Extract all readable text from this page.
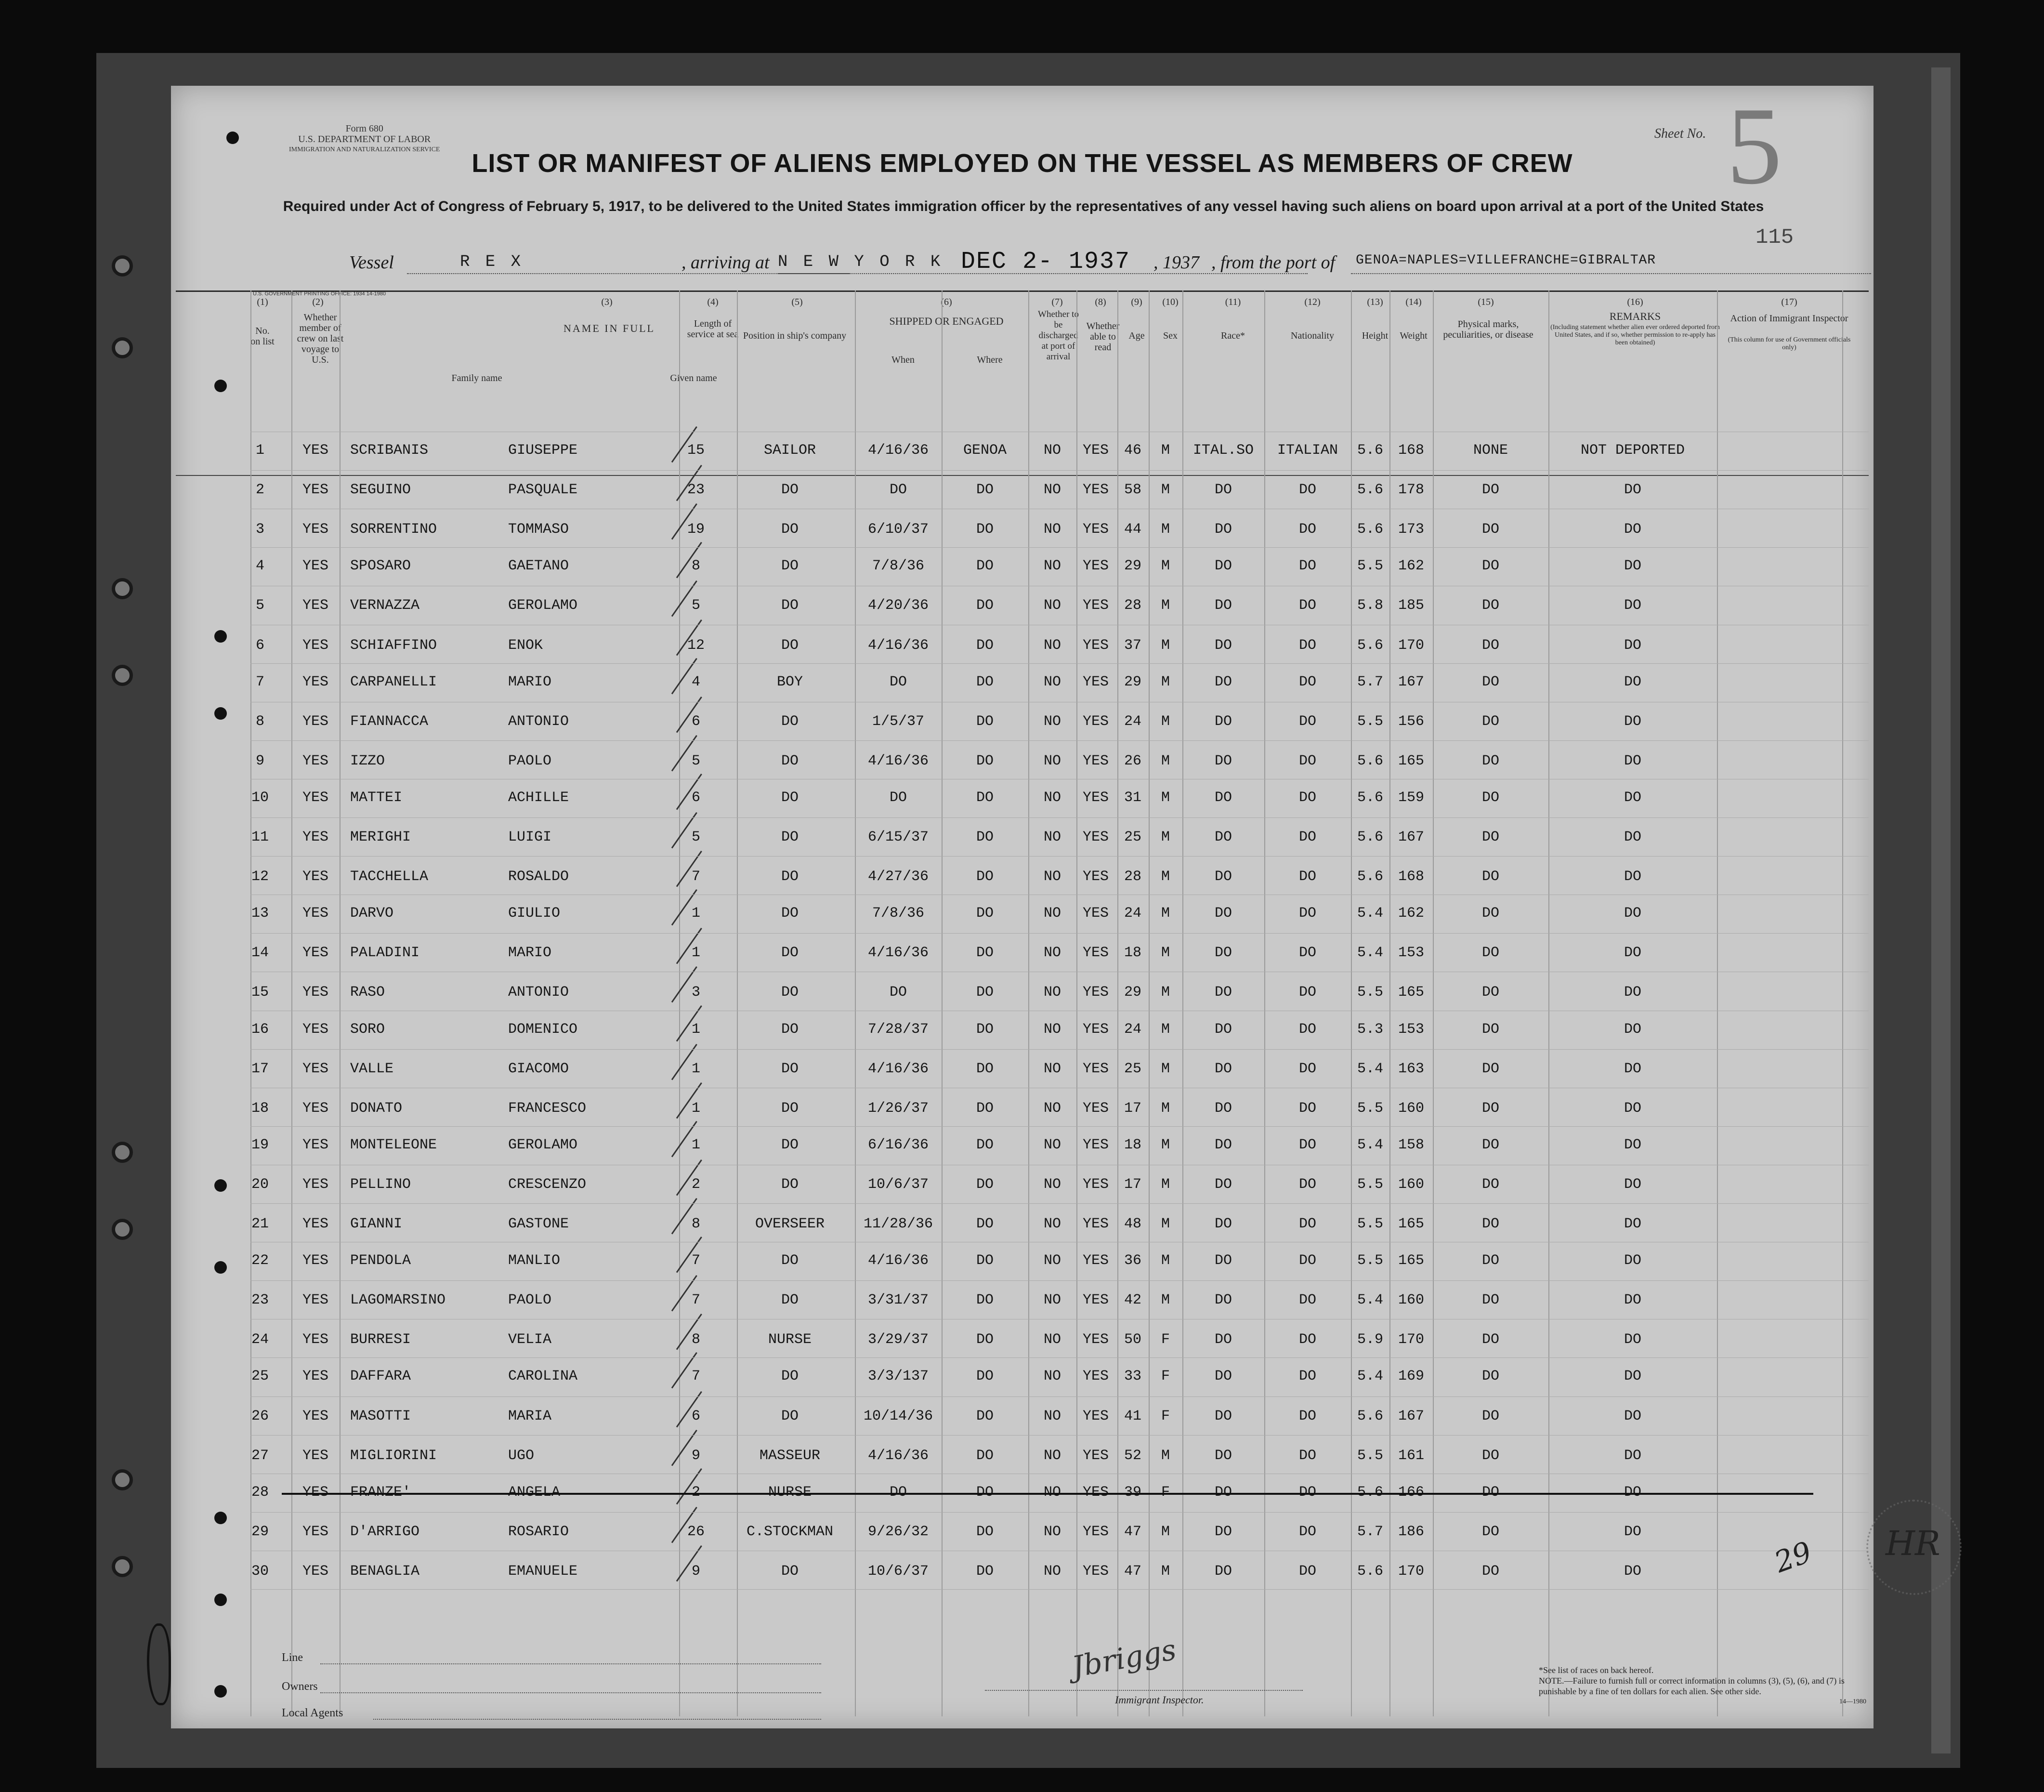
Form 680
U.S. DEPARTMENT OF LABOR
IMMIGRATION AND NATURALIZATION SERVICE
Sheet No. 5
115
LIST OR MANIFEST OF ALIENS EMPLOYED ON THE VESSEL AS MEMBERS OF CREW
Required under Act of Congress of February 5, 1917, to be delivered to the United States immigration officer by the representatives of any vessel having such aliens on board upon arrival at a port of the United States
Vessel	R E X	, arriving at N E W Y O R K DEC 2- 1937 , 1937 , from the port of GENOA=NAPLES=VILLEFRANCHE=GIBRALTAR
U.S. GOVERNMENT PRINTING OFFICE: 1934 14-1980
(1)
No. on list
(2)
Whether member of crew on last voyage to U.S.
(3)
NAME IN FULL
Family name	Given name
(4)
Length of service at sea
(5)
Position in ship's company
(6)
SHIPPED OR ENGAGED
When	Where
(7)
Whether to be discharged at port of arrival
(8)
Whether able to read
(9)
Age
(10)
Sex
(11)
Race*
(12)
Nationality
(13)
Height
(14)
Weight
(15)
Physical marks, peculiarities, or disease
(16)
REMARKS
(Including statement whether alien ever ordered deported from United States, and if so, whether permission to re-apply has been obtained)
(17)
Action of Immigrant Inspector
(This column for use of Government officials only)
1	YES SCRIBANIS	GIUSEPPE	15	SAILOR	4/16/36 GENOA	NO YES 46 M ITAL.SO ITALIAN 5.6 168	NONE	NOT DEPORTED
2	YES SEGUINO	PASQUALE	23	DO	DO	DO	NO YES 58 M	DO	DO	5.6 178	DO	DO
3	YES SORRENTINO	TOMMASO	19	DO	6/10/37	DO	NO YES 44 M	DO	DO	5.6 173	DO	DO
4	YES SPOSARO	GAETANO	8	DO	7/8/36	DO	NO YES 29 M	DO	DO	5.5 162	DO	DO
5	YES VERNAZZA	GEROLAMO	5	DO	4/20/36	DO	NO YES 28 M	DO	DO	5.8 185	DO	DO
6	YES SCHIAFFINO	ENOK	12	DO	4/16/36	DO	NO YES 37 M	DO	DO	5.6 170	DO	DO
7	YES CARPANELLI	MARIO	4	BOY	DO	DO	NO YES 29 M	DO	DO	5.7 167	DO	DO
8	YES FIANNACCA	ANTONIO	6	DO	1/5/37	DO	NO YES 24 M	DO	DO	5.5 156	DO	DO
9	YES IZZO	PAOLO	5	DO	4/16/36	DO	NO YES 26 M	DO	DO	5.6 165	DO	DO
10 YES MATTEI	ACHILLE	6	DO	DO	DO	NO YES 31 M	DO	DO	5.6 159	DO	DO
11 YES MERIGHI	LUIGI	5	DO	6/15/37	DO	NO YES 25 M	DO	DO	5.6 167	DO	DO
12 YES TACCHELLA	ROSALDO	7	DO	4/27/36	DO	NO YES 28 M	DO	DO	5.6 168	DO	DO
13 YES DARVO	GIULIO	1	DO	7/8/36	DO	NO YES 24 M	DO	DO	5.4 162	DO	DO
14 YES PALADINI	MARIO	1	DO	4/16/36	DO	NO YES 18 M	DO	DO	5.4 153	DO	DO
15 YES RASO	ANTONIO	3	DO	DO	DO	NO YES 29 M	DO	DO	5.5 165	DO	DO
16 YES SORO	DOMENICO	1	DO	7/28/37	DO	NO YES 24 M	DO	DO	5.3 153	DO	DO
17 YES VALLE	GIACOMO	1	DO	4/16/36	DO	NO YES 25 M	DO	DO	5.4 163	DO	DO
18 YES DONATO	FRANCESCO	1	DO	1/26/37	DO	NO YES 17 M	DO	DO	5.5 160	DO	DO
19 YES MONTELEONE	GEROLAMO	1	DO	6/16/36	DO	NO YES 18 M	DO	DO	5.4 158	DO	DO
20 YES PELLINO	CRESCENZO	2	DO	10/6/37	DO	NO YES 17 M	DO	DO	5.5 160	DO	DO
21 YES GIANNI	GASTONE	8	OVERSEER	11/28/36	DO	NO YES 48 M	DO	DO	5.5 165	DO	DO
22 YES PENDOLA	MANLIO	7	DO	4/16/36	DO	NO YES 36 M	DO	DO	5.5 165	DO	DO
23 YES LAGOMARSINO	PAOLO	7	DO	3/31/37	DO	NO YES 42 M	DO	DO	5.4 160	DO	DO
24 YES BURRESI	VELIA	8	NURSE	3/29/37	DO	NO YES 50 F	DO	DO	5.9 170	DO	DO
25 YES DAFFARA	CAROLINA	7	DO	3/3/137	DO	NO YES 33 F	DO	DO	5.4 169	DO	DO
26 YES MASOTTI	MARIA	6	DO	10/14/36	DO	NO YES 41 F	DO	DO	5.6 167	DO	DO
27 YES MIGLIORINI	UGO	9	MASSEUR	4/16/36	DO	NO YES 52 M	DO	DO	5.5 161	DO	DO
28 YES FRANZE'	ANGELA	2	NURSE	DO	DO	NO YES 39 F	DO	DO	5.6 166	DO	DO
29 YES D'ARRIGO	ROSARIO	26	C.STOCKMAN 9/26/32	DO	NO YES 47 M	DO	DO	5.7 186	DO	DO
30 YES BENAGLIA	EMANUELE	9	DO	10/6/37	DO	NO YES 47 M	DO	DO	5.6 170	DO	DO
HR
29
Line
Owners
Local Agents
Jbriggs
Immigrant Inspector.
*See list of races on back hereof.
NOTE.—Failure to furnish full or correct information in columns (3), (5), (6), and (7) is punishable by a fine of ten dollars for each alien. See other side.
14—1980
